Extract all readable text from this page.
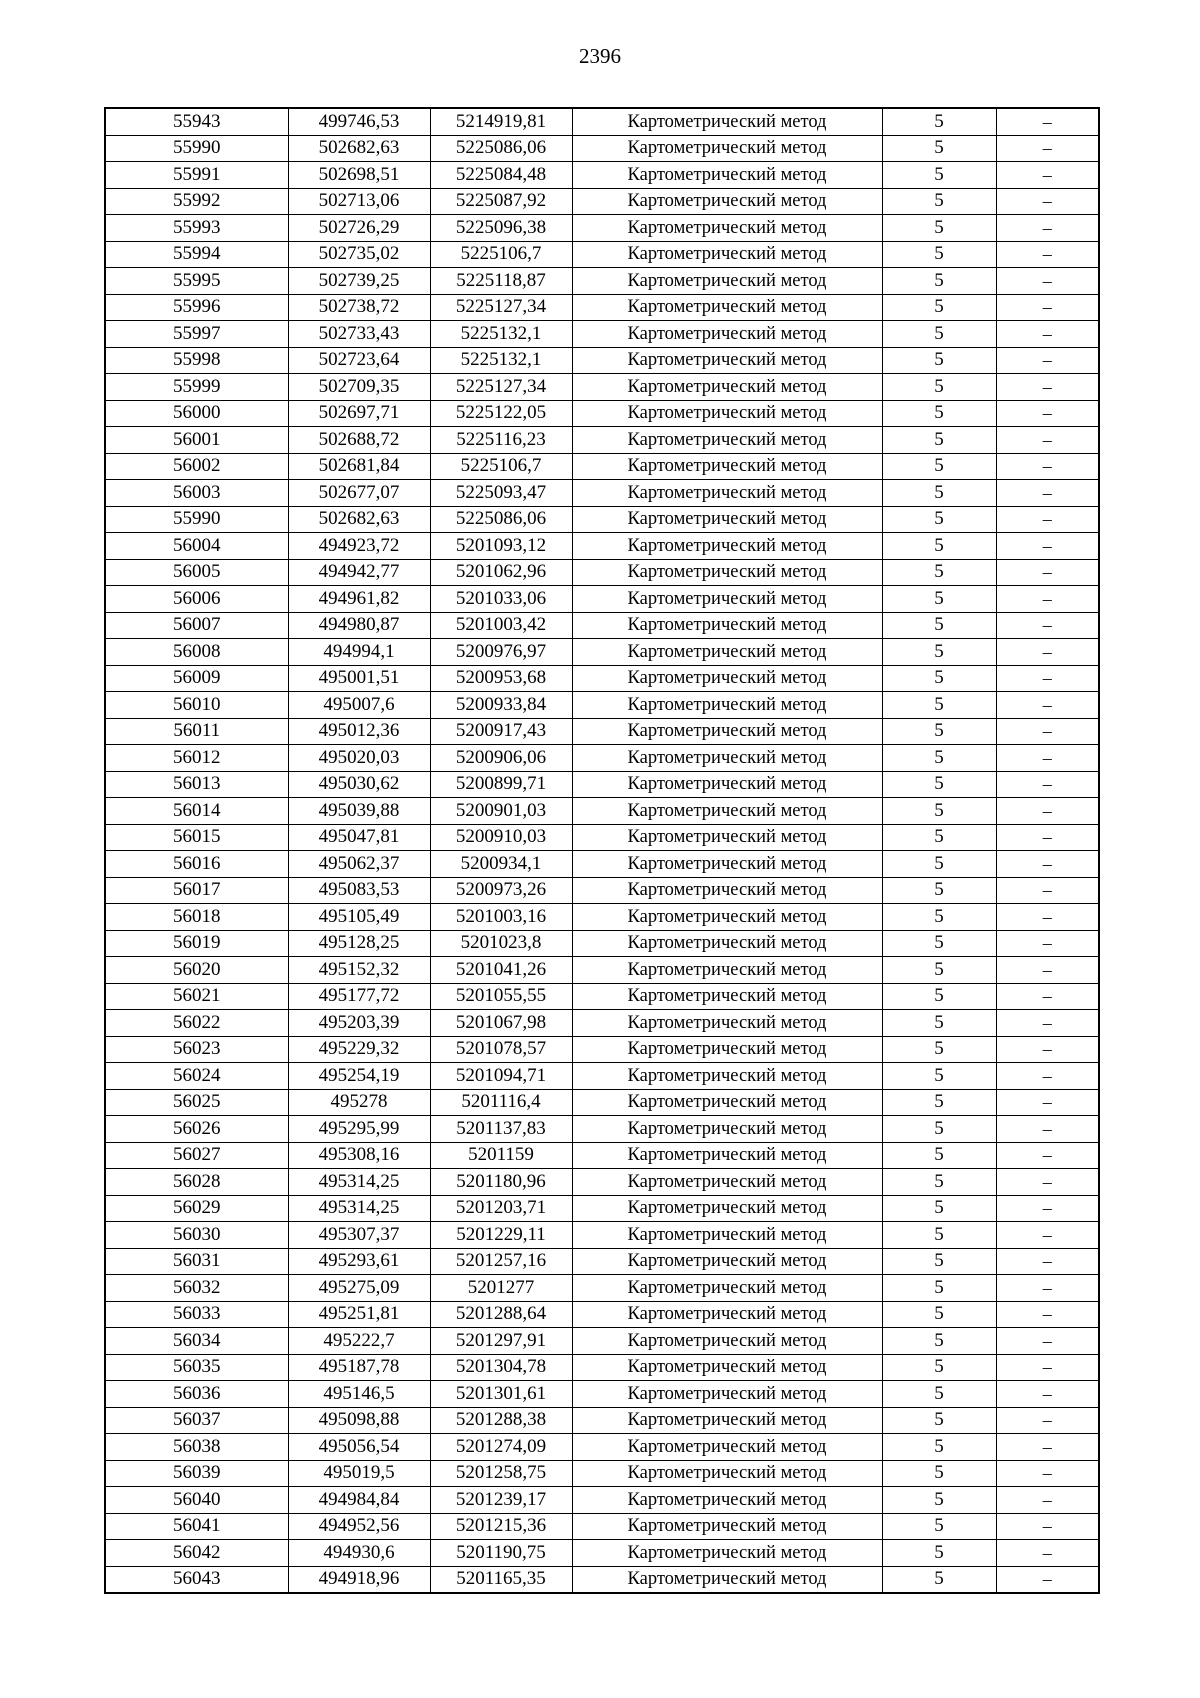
2396
55943	499746,53	5214919,81	Картометрический метод	5	–
55990	502682,63	5225086,06	Картометрический метод	5	–
55991	502698,51	5225084,48	Картометрический метод	5	–
55992	502713,06	5225087,92	Картометрический метод	5	–
55993	502726,29	5225096,38	Картометрический метод	5	–
55994	502735,02	5225106,7	Картометрический метод	5	–
55995	502739,25	5225118,87	Картометрический метод	5	–
55996	502738,72	5225127,34	Картометрический метод	5	–
55997	502733,43	5225132,1	Картометрический метод	5	–
55998	502723,64	5225132,1	Картометрический метод	5	–
55999	502709,35	5225127,34	Картометрический метод	5	–
56000	502697,71	5225122,05	Картометрический метод	5	–
56001	502688,72	5225116,23	Картометрический метод	5	–
56002	502681,84	5225106,7	Картометрический метод	5	–
56003	502677,07	5225093,47	Картометрический метод	5	–
55990	502682,63	5225086,06	Картометрический метод	5	–
56004	494923,72	5201093,12	Картометрический метод	5	–
56005	494942,77	5201062,96	Картометрический метод	5	–
56006	494961,82	5201033,06	Картометрический метод	5	–
56007	494980,87	5201003,42	Картометрический метод	5	–
56008	494994,1	5200976,97	Картометрический метод	5	–
56009	495001,51	5200953,68	Картометрический метод	5	–
56010	495007,6	5200933,84	Картометрический метод	5	–
56011	495012,36	5200917,43	Картометрический метод	5	–
56012	495020,03	5200906,06	Картометрический метод	5	–
56013	495030,62	5200899,71	Картометрический метод	5	–
56014	495039,88	5200901,03	Картометрический метод	5	–
56015	495047,81	5200910,03	Картометрический метод	5	–
56016	495062,37	5200934,1	Картометрический метод	5	–
56017	495083,53	5200973,26	Картометрический метод	5	–
56018	495105,49	5201003,16	Картометрический метод	5	–
56019	495128,25	5201023,8	Картометрический метод	5	–
56020	495152,32	5201041,26	Картометрический метод	5	–
56021	495177,72	5201055,55	Картометрический метод	5	–
56022	495203,39	5201067,98	Картометрический метод	5	–
56023	495229,32	5201078,57	Картометрический метод	5	–
56024	495254,19	5201094,71	Картометрический метод	5	–
56025	495278	5201116,4	Картометрический метод	5	–
56026	495295,99	5201137,83	Картометрический метод	5	–
56027	495308,16	5201159	Картометрический метод	5	–
56028	495314,25	5201180,96	Картометрический метод	5	–
56029	495314,25	5201203,71	Картометрический метод	5	–
56030	495307,37	5201229,11	Картометрический метод	5	–
56031	495293,61	5201257,16	Картометрический метод	5	–
56032	495275,09	5201277	Картометрический метод	5	–
56033	495251,81	5201288,64	Картометрический метод	5	–
56034	495222,7	5201297,91	Картометрический метод	5	–
56035	495187,78	5201304,78	Картометрический метод	5	–
56036	495146,5	5201301,61	Картометрический метод	5	–
56037	495098,88	5201288,38	Картометрический метод	5	–
56038	495056,54	5201274,09	Картометрический метод	5	–
56039	495019,5	5201258,75	Картометрический метод	5	–
56040	494984,84	5201239,17	Картометрический метод	5	–
56041	494952,56	5201215,36	Картометрический метод	5	–
56042	494930,6	5201190,75	Картометрический метод	5	–
56043	494918,96	5201165,35	Картометрический метод	5	–
